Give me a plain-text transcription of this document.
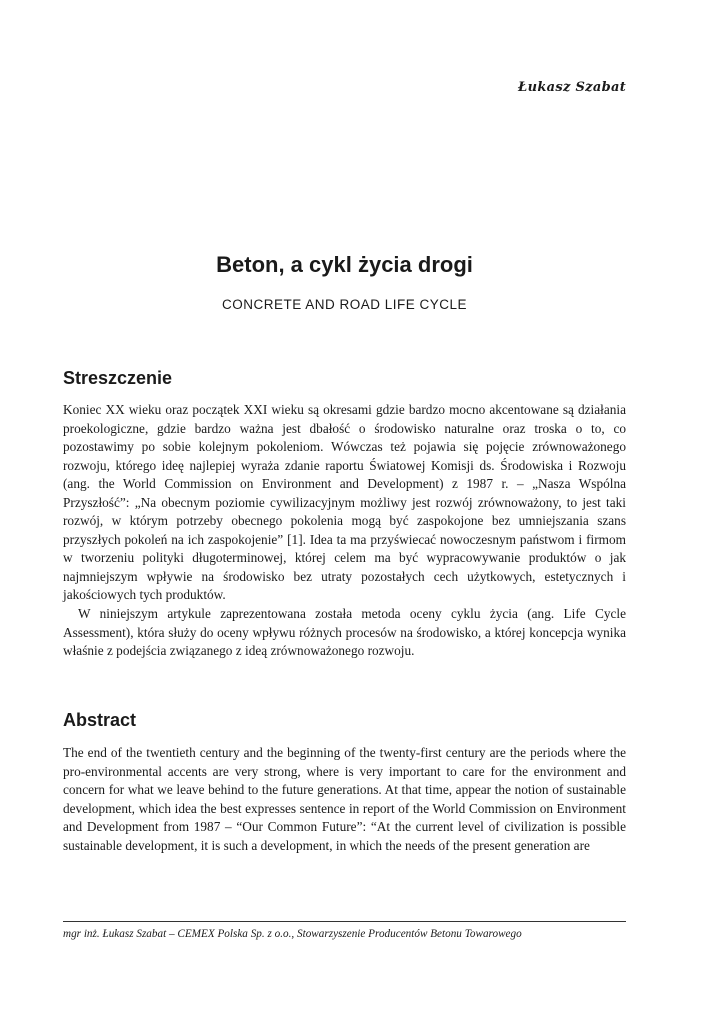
Łukasz Szabat
Beton, a cykl życia drogi
CONCRETE AND ROAD LIFE CYCLE
Streszczenie

Koniec XX wieku oraz początek XXI wieku są okresami gdzie bardzo mocno akcentowane są działania proekologiczne, gdzie bardzo ważna jest dbałość o środowisko naturalne oraz troska o to, co pozostawimy po sobie kolejnym pokoleniom. Wówczas też pojawia się pojęcie zrównoważonego rozwoju, którego ideę najlepiej wyraża zdanie raportu Światowej Komisji ds. Środowiska i Rozwoju (ang. the World Commission on Environment and Development) z 1987 r. – „Nasza Wspólna Przyszłość”: „Na obecnym poziomie cywilizacyjnym możliwy jest rozwój zrównoważony, to jest taki rozwój, w którym potrzeby obecnego pokolenia mogą być zaspokojone bez umniejszania szans przyszłych pokoleń na ich zaspokojenie” [1]. Idea ta ma przyświecać nowoczesnym państwom i firmom w tworzeniu polityki długoterminowej, której celem ma być wypracowywanie produktów o jak najmniejszym wpływie na środowisko bez utraty pozostałych cech użytkowych, estetycznych i jakościowych tych produktów.

W niniejszym artykule zaprezentowana została metoda oceny cyklu życia (ang. Life Cycle Assessment), która służy do oceny wpływu różnych procesów na środowisko, a której koncepcja wynika właśnie z podejścia związanego z ideą zrównoważonego rozwoju.

Abstract

The end of the twentieth century and the beginning of the twenty-first century are the periods where the pro-environmental accents are very strong, where is very important to care for the environment and concern for what we leave behind to the future generations. At that time, appear the notion of sustainable development, which idea the best expresses sentence in report of the World Commission on Environment and Development from 1987 – “Our Common Future”: “At the current level of civilization is possible sustainable development, it is such a development, in which the needs of the present generation are

mgr inż. Łukasz Szabat – CEMEX Polska Sp. z o.o., Stowarzyszenie Producentów Betonu Towarowego
